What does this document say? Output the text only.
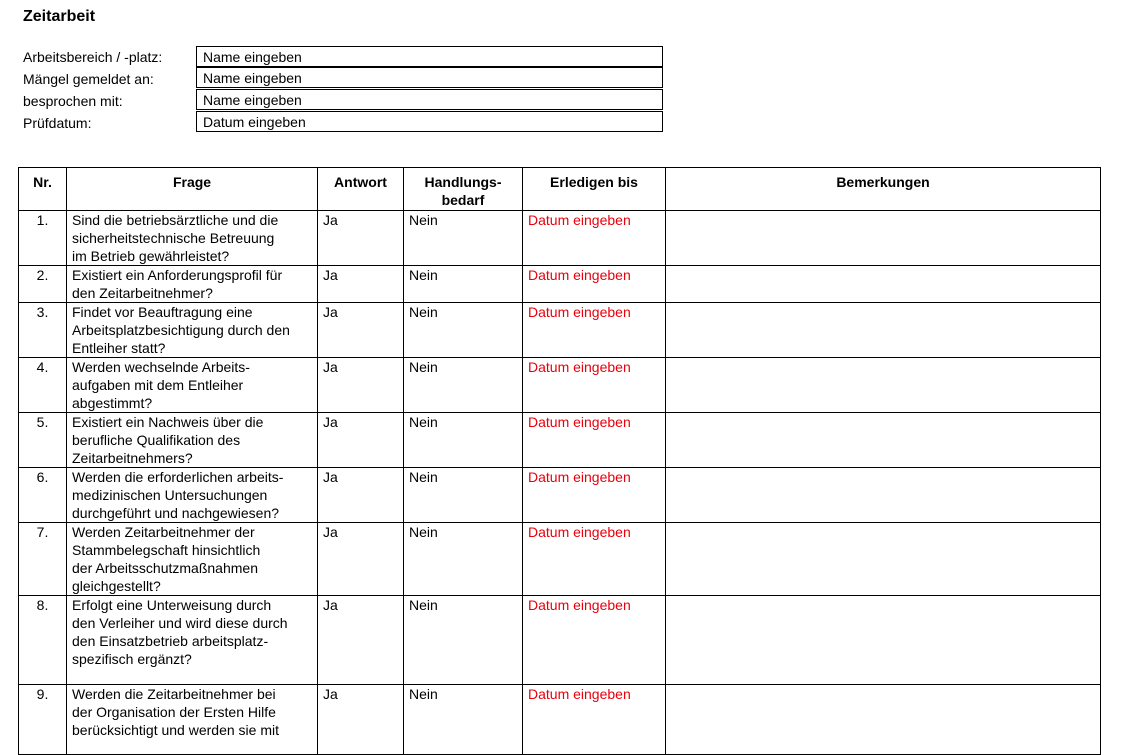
Zeitarbeit
Arbeitsbereich / -platz:	Name eingeben
Mängel gemeldet an:	Name eingeben
besprochen mit:	Name eingeben
Prüfdatum:	Datum eingeben
Nr.	Frage	Antwort	Handlungs-
bedarf	Erledigen bis	Bemerkungen
1.	Sind die betriebsärztliche und die
sicherheitstechnische Betreuung
im Betrieb gewährleistet?	Ja	Nein	Datum eingeben	
2.	Existiert ein Anforderungsprofil für
den Zeitarbeitnehmer?	Ja	Nein	Datum eingeben	
3.	Findet vor Beauftragung eine
Arbeitsplatzbesichtigung durch den
Entleiher statt?	Ja	Nein	Datum eingeben	
4.	Werden wechselnde Arbeits-
aufgaben mit dem Entleiher
abgestimmt?	Ja	Nein	Datum eingeben	
5.	Existiert ein Nachweis über die
berufliche Qualifikation des
Zeitarbeitnehmers?	Ja	Nein	Datum eingeben	
6.	Werden die erforderlichen arbeits-
medizinischen Untersuchungen
durchgeführt und nachgewiesen?	Ja	Nein	Datum eingeben	
7.	Werden Zeitarbeitnehmer der
Stammbelegschaft hinsichtlich
der Arbeitsschutzmaßnahmen
gleichgestellt?	Ja	Nein	Datum eingeben	
8.	Erfolgt eine Unterweisung durch
den Verleiher und wird diese durch
den Einsatzbetrieb arbeitsplatz-
spezifisch ergänzt?	Ja	Nein	Datum eingeben	
9.	Werden die Zeitarbeitnehmer bei
der Organisation der Ersten Hilfe
berücksichtigt und werden sie mit	Ja	Nein	Datum eingeben	
